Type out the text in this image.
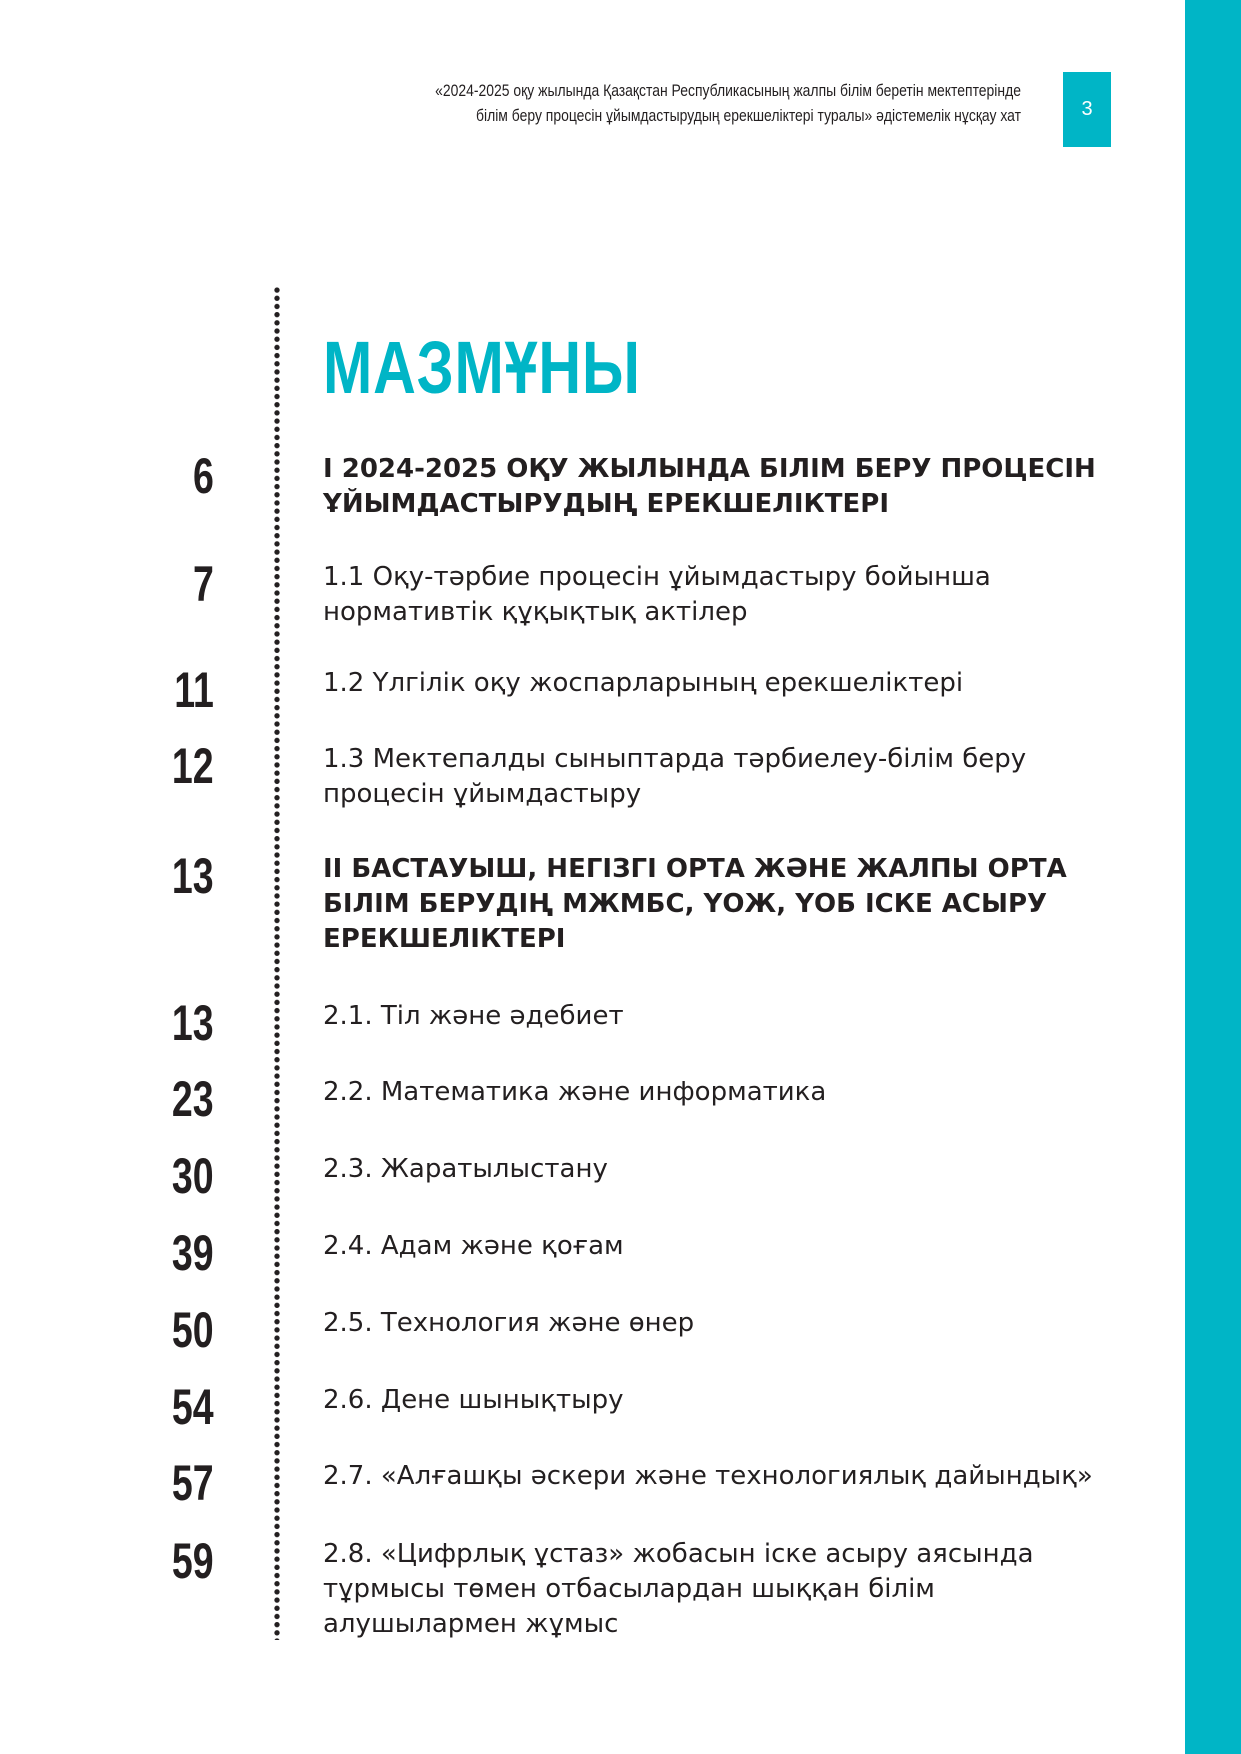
«2024-2025 оқу жылында Қазақстан Республикасының жалпы білім беретін мектептерінде
білім беру процесін ұйымдастырудың ерекшеліктері туралы» әдістемелік нұсқау хат	3
МАЗМҰНЫ
6	I 2024-2025 ОҚУ ЖЫЛЫНДА БІЛІМ БЕРУ ПРОЦЕСІН
ҰЙЫМДАСТЫРУДЫҢ ЕРЕКШЕЛІКТЕРІ
7	1.1 Оқу-тәрбие процесін ұйымдастыру бойынша
нормативтік құқықтық актілер
11	1.2 Үлгілік оқу жоспарларының ерекшеліктері
12	1.3 Мектепалды сыныптарда тәрбиелеу-білім беру
процесін ұйымдастыру
13	II БАСТАУЫШ, НЕГІЗГІ ОРТА ЖӘНЕ ЖАЛПЫ ОРТА
БІЛІМ БЕРУДІҢ МЖМБС, ҮОЖ, ҮОБ ІСКЕ АСЫРУ
ЕРЕКШЕЛІКТЕРІ
13	2.1. Тіл және әдебиет
23	2.2. Математика және информатика
30	2.3. Жаратылыстану
39	2.4. Адам және қоғам
50	2.5. Технология және өнер
54	2.6. Дене шынықтыру
57	2.7. «Алғашқы әскери және технологиялық дайындық»
59	2.8. «Цифрлық ұстаз» жобасын іске асыру аясында
тұрмысы төмен отбасылардан шыққан білім
алушылармен жұмыс
